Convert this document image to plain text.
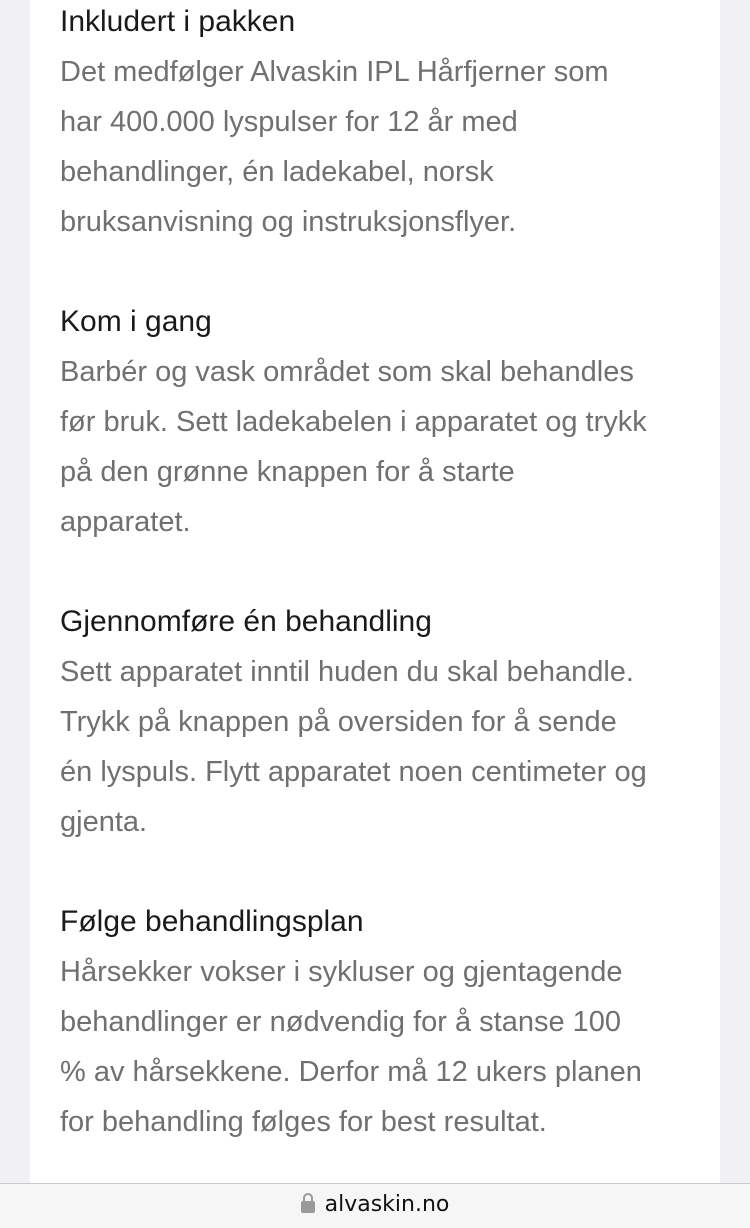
Inkludert i pakken

Det medfølger Alvaskin IPL Hårfjerner som
har 400.000 lyspulser for 12 år med
behandlinger, én ladekabel, norsk
bruksanvisning og instruksjonsflyer.

Kom i gang

Barbér og vask området som skal behandles
før bruk. Sett ladekabelen i apparatet og trykk
på den grønne knappen for å starte
apparatet.

Gjennomføre én behandling

Sett apparatet inntil huden du skal behandle.
Trykk på knappen på oversiden for å sende
én lyspuls. Flytt apparatet noen centimeter og
gjenta.

Følge behandlingsplan

Hårsekker vokser i sykluser og gjentagende
behandlinger er nødvendig for å stanse 100
% av hårsekkene. Derfor må 12 ukers planen
for behandling følges for best resultat.

alvaskin.no
